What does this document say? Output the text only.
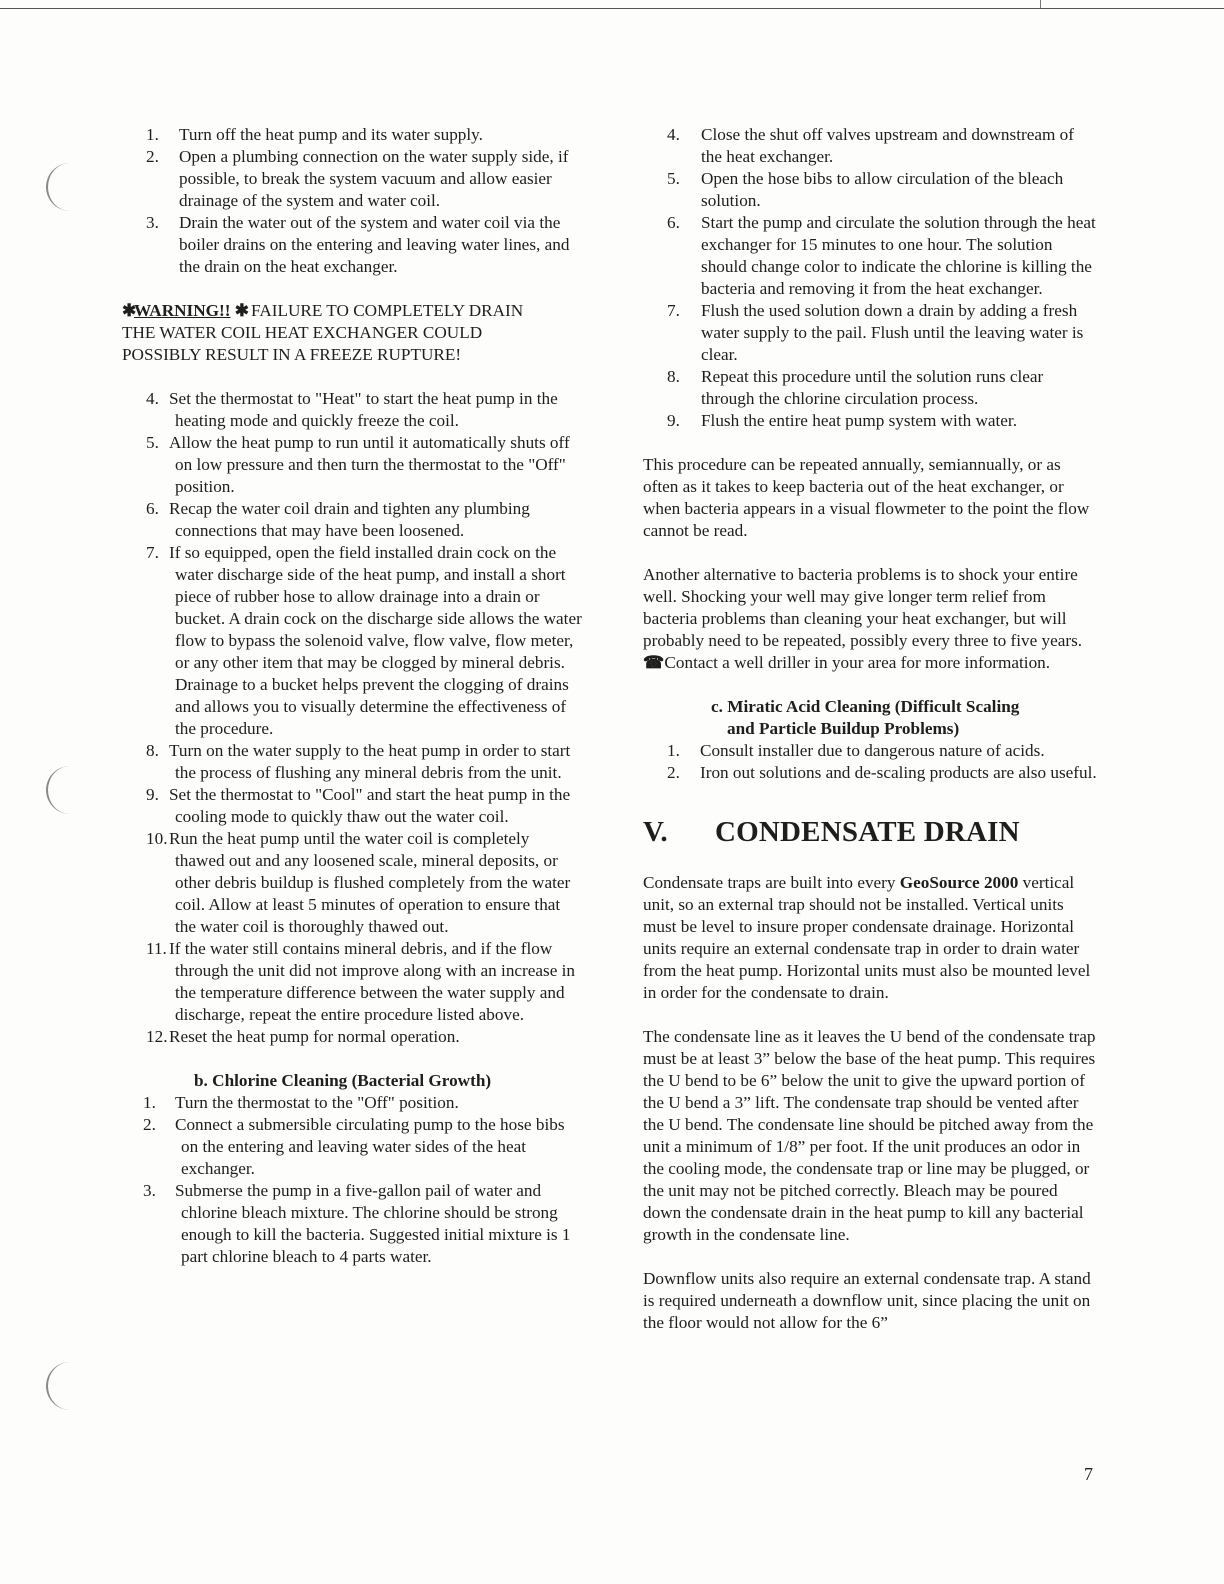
1. Turn off the heat pump and its water supply.
2. Open a plumbing connection on the water supply side, if possible, to break the system vacuum and allow easier drainage of the system and water coil.
3. Drain the water out of the system and water coil via the boiler drains on the entering and leaving water lines, and the drain on the heat exchanger.

✱WARNING!! ✱ FAILURE TO COMPLETELY DRAIN THE WATER COIL HEAT EXCHANGER COULD POSSIBLY RESULT IN A FREEZE RUPTURE!

4. Set the thermostat to "Heat" to start the heat pump in the heating mode and quickly freeze the coil.
5. Allow the heat pump to run until it automatically shuts off on low pressure and then turn the thermostat to the "Off" position.
6. Recap the water coil drain and tighten any plumbing connections that may have been loosened.
7. If so equipped, open the field installed drain cock on the water discharge side of the heat pump, and install a short piece of rubber hose to allow drainage into a drain or bucket. A drain cock on the discharge side allows the water flow to bypass the solenoid valve, flow valve, flow meter, or any other item that may be clogged by mineral debris. Drainage to a bucket helps prevent the clogging of drains and allows you to visually determine the effectiveness of the procedure.
8. Turn on the water supply to the heat pump in order to start the process of flushing any mineral debris from the unit.
9. Set the thermostat to "Cool" and start the heat pump in the cooling mode to quickly thaw out the water coil.
10. Run the heat pump until the water coil is completely thawed out and any loosened scale, mineral deposits, or other debris buildup is flushed completely from the water coil. Allow at least 5 minutes of operation to ensure that the water coil is thoroughly thawed out.
11. If the water still contains mineral debris, and if the flow through the unit did not improve along with an increase in the temperature difference between the water supply and discharge, repeat the entire procedure listed above.
12. Reset the heat pump for normal operation.

b. Chlorine Cleaning (Bacterial Growth)

1. Turn the thermostat to the "Off" position.
2. Connect a submersible circulating pump to the hose bibs on the entering and leaving water sides of the heat exchanger.
3. Submerse the pump in a five-gallon pail of water and chlorine bleach mixture. The chlorine should be strong enough to kill the bacteria. Suggested initial mixture is 1 part chlorine bleach to 4 parts water.
4. Close the shut off valves upstream and downstream of the heat exchanger.
5. Open the hose bibs to allow circulation of the bleach solution.
6. Start the pump and circulate the solution through the heat exchanger for 15 minutes to one hour. The solution should change color to indicate the chlorine is killing the bacteria and removing it from the heat exchanger.
7. Flush the used solution down a drain by adding a fresh water supply to the pail. Flush until the leaving water is clear.
8. Repeat this procedure until the solution runs clear through the chlorine circulation process.
9. Flush the entire heat pump system with water.

This procedure can be repeated annually, semiannually, or as often as it takes to keep bacteria out of the heat exchanger, or when bacteria appears in a visual flowmeter to the point the flow cannot be read.

Another alternative to bacteria problems is to shock your entire well. Shocking your well may give longer term relief from bacteria problems than cleaning your heat exchanger, but will probably need to be repeated, possibly every three to five years. ☎Contact a well driller in your area for more information.

c. Miratic Acid Cleaning (Difficult Scaling
and Particle Buildup Problems)

1. Consult installer due to dangerous nature of acids.
2. Iron out solutions and de-scaling products are also useful.
V. CONDENSATE DRAIN

Condensate traps are built into every GeoSource 2000 vertical unit, so an external trap should not be installed. Vertical units must be level to insure proper condensate drainage. Horizontal units require an external condensate trap in order to drain water from the heat pump. Horizontal units must also be mounted level in order for the condensate to drain.

The condensate line as it leaves the U bend of the condensate trap must be at least 3” below the base of the heat pump. This requires the U bend to be 6” below the unit to give the upward portion of the U bend a 3” lift. The condensate trap should be vented after the U bend. The condensate line should be pitched away from the unit a minimum of 1/8” per foot. If the unit produces an odor in the cooling mode, the condensate trap or line may be plugged, or the unit may not be pitched correctly. Bleach may be poured down the condensate drain in the heat pump to kill any bacterial growth in the condensate line.

Downflow units also require an external condensate trap. A stand is required underneath a downflow unit, since placing the unit on the floor would not allow for the 6”

7
